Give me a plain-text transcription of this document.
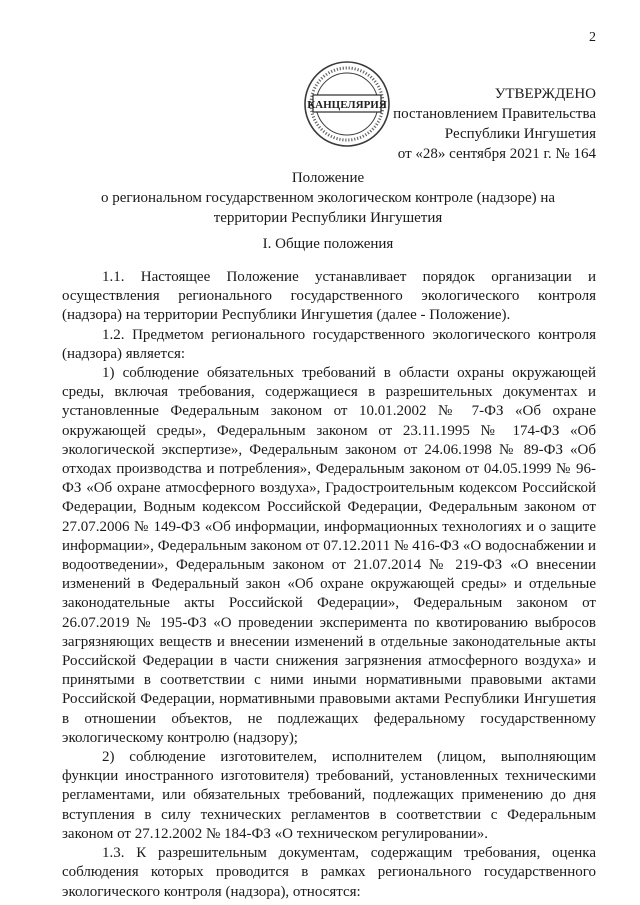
2
КАНЦЕЛЯРИЯ
УТВЕРЖДЕНО
постановлением Правительства
Республики Ингушетия
от «28» сентября 2021 г. № 164
Положение
о региональном государственном экологическом контроле (надзоре) на
территории Республики Ингушетия
I. Общие положения

1.1. Настоящее Положение устанавливает порядок организации и осуществления регионального государственного экологического контроля (надзора) на территории Республики Ингушетия (далее - Положение).

1.2. Предметом регионального государственного экологического контроля (надзора) является:

1) соблюдение обязательных требований в области охраны окружающей среды, включая требования, содержащиеся в разрешительных документах и установленные Федеральным законом от 10.01.2002 № 7-ФЗ «Об охране окружающей среды», Федеральным законом от 23.11.1995 № 174-ФЗ «Об экологической экспертизе», Федеральным законом от 24.06.1998 № 89-ФЗ «Об отходах производства и потребления», Федеральным законом от 04.05.1999 № 96-ФЗ «Об охране атмосферного воздуха», Градостроительным кодексом Российской Федерации, Водным кодексом Российской Федерации, Федеральным законом от 27.07.2006 № 149-ФЗ «Об информации, информационных технологиях и о защите информации», Федеральным законом от 07.12.2011 № 416-ФЗ «О водоснабжении и водоотведении», Федеральным законом от 21.07.2014 № 219-ФЗ «О внесении изменений в Федеральный закон «Об охране окружающей среды» и отдельные законодательные акты Российской Федерации», Федеральным законом от 26.07.2019 № 195-ФЗ «О проведении эксперимента по квотированию выбросов загрязняющих веществ и внесении изменений в отдельные законодательные акты Российской Федерации в части снижения загрязнения атмосферного воздуха» и принятыми в соответствии с ними иными нормативными правовыми актами Российской Федерации, нормативными правовыми актами Республики Ингушетия в отношении объектов, не подлежащих федеральному государственному экологическому контролю (надзору);

2) соблюдение изготовителем, исполнителем (лицом, выполняющим функции иностранного изготовителя) требований, установленных техническими регламентами, или обязательных требований, подлежащих применению до дня вступления в силу технических регламентов в соответствии с Федеральным законом от 27.12.2002 № 184-ФЗ «О техническом регулировании».

1.3. К разрешительным документам, содержащим требования, оценка соблюдения которых проводится в рамках регионального государственного экологического контроля (надзора), относятся:
